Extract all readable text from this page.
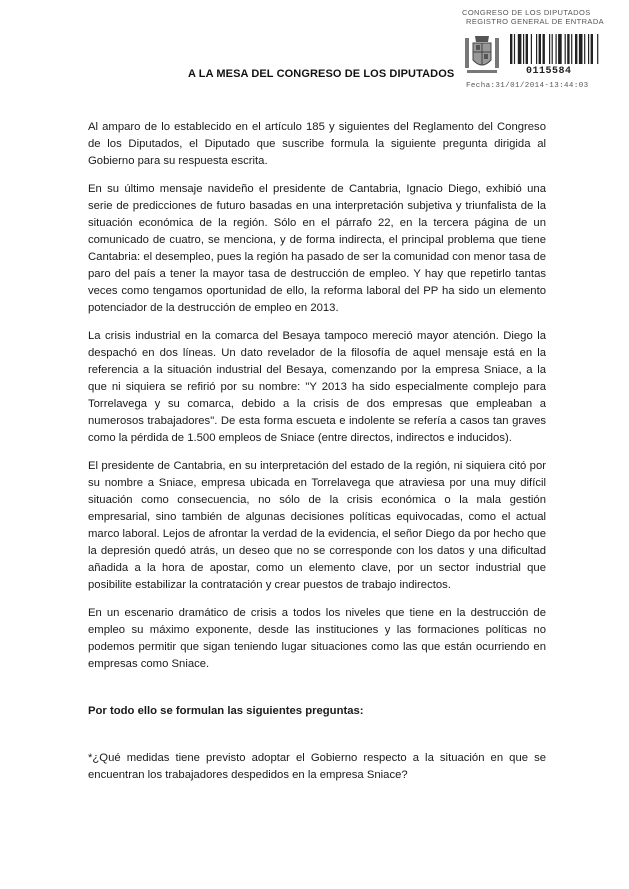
CONGRESO DE LOS DIPUTADOS
REGISTRO GENERAL DE ENTRADA
0115584
Fecha:31/01/2014-13:44:03
A LA MESA DEL CONGRESO DE LOS DIPUTADOS

Al amparo de lo establecido en el artículo 185 y siguientes del Reglamento del Congreso de los Diputados, el Diputado que suscribe formula la siguiente pregunta dirigida al Gobierno para su respuesta escrita.

En su último mensaje navideño el presidente de Cantabria, Ignacio Diego, exhibió una serie de predicciones de futuro basadas en una interpretación subjetiva y triunfalista de la situación económica de la región. Sólo en el párrafo 22, en la tercera página de un comunicado de cuatro, se menciona, y de forma indirecta, el principal problema que tiene Cantabria: el desempleo, pues la región ha pasado de ser la comunidad con menor tasa de paro del país a tener la mayor tasa de destrucción de empleo. Y hay que repetirlo tantas veces como tengamos oportunidad de ello, la reforma laboral del PP ha sido un elemento potenciador de la destrucción de empleo en 2013.

La crisis industrial en la comarca del Besaya tampoco mereció mayor atención. Diego la despachó en dos líneas. Un dato revelador de la filosofía de aquel mensaje está en la referencia a la situación industrial del Besaya, comenzando por la empresa Sniace, a la que ni siquiera se refirió por su nombre: "Y 2013 ha sido especialmente complejo para Torrelavega y su comarca, debido a la crisis de dos empresas que empleaban a numerosos trabajadores". De esta forma escueta e indolente se refería a casos tan graves como la pérdida de 1.500 empleos de Sniace (entre directos, indirectos e inducidos).

El presidente de Cantabria, en su interpretación del estado de la región, ni siquiera citó por su nombre a Sniace, empresa ubicada en Torrelavega que atraviesa por una muy difícil situación como consecuencia, no sólo de la crisis económica o la mala gestión empresarial, sino también de algunas decisiones políticas equivocadas, como el actual marco laboral. Lejos de afrontar la verdad de la evidencia, el señor Diego da por hecho que la depresión quedó atrás, un deseo que no se corresponde con los datos y una dificultad añadida a la hora de apostar, como un elemento clave, por un sector industrial que posibilite estabilizar la contratación y crear puestos de trabajo indirectos.

En un escenario dramático de crisis a todos los niveles que tiene en la destrucción de empleo su máximo exponente, desde las instituciones y las formaciones políticas no podemos permitir que sigan teniendo lugar situaciones como las que están ocurriendo en empresas como Sniace.

Por todo ello se formulan las siguientes preguntas:

*¿Qué medidas tiene previsto adoptar el Gobierno respecto a la situación en que se encuentran los trabajadores despedidos en la empresa Sniace?
